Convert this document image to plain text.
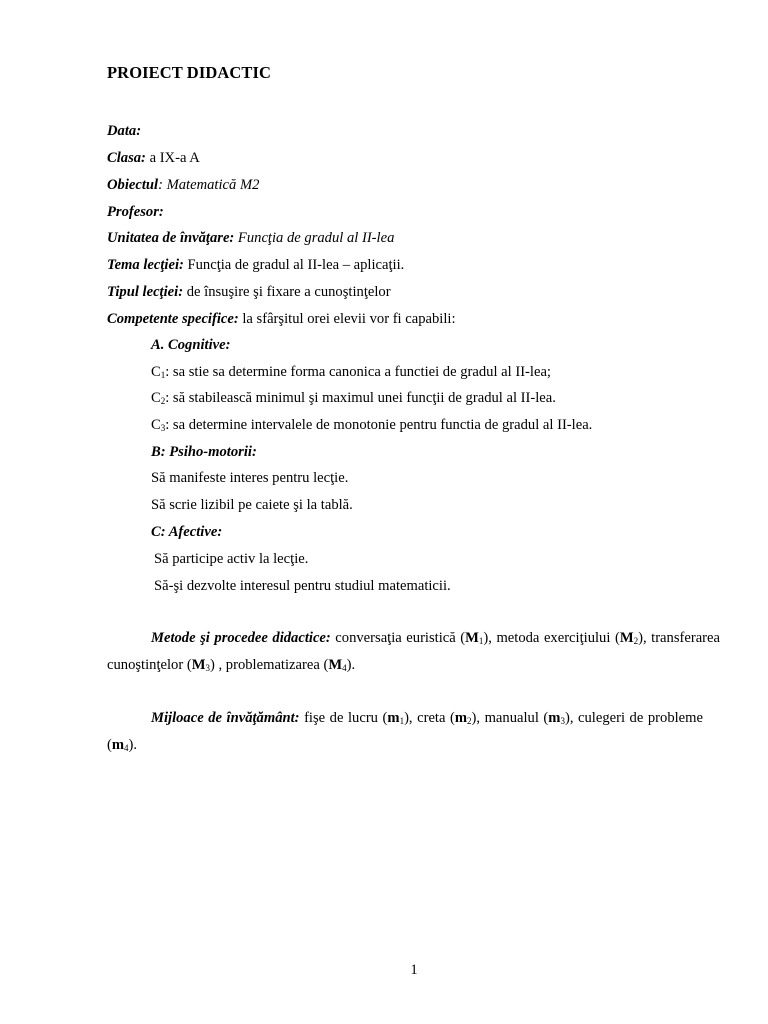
PROIECT DIDACTIC
Data:
Clasa: a IX-a A
Obiectul: Matematică M2
Profesor:
Unitatea de învăţare: Funcţia de gradul al II-lea
Tema lecţiei: Funcţia de gradul al II-lea – aplicaţii.
Tipul lecţiei: de însuşire şi fixare a cunoştinţelor
Competente specifice: la sfârşitul orei elevii vor fi capabili:
A. Cognitive:
$C_1$: sa stie sa determine forma canonica a functiei de gradul al II-lea;
$C_2$: să stabilească minimul şi maximul unei funcţii de gradul al II-lea.
$C_3$: sa determine intervalele de monotonie pentru functia de gradul al II-lea.
B: Psiho-motorii:
Să manifeste interes pentru lecţie.
Să scrie lizibil pe caiete şi la tablă.
C: Afective:
Să participe activ la lecţie.
Să-şi dezvolte interesul pentru studiul matematicii.
Metode şi procedee didactice: conversaţia euristică $(M_1)$, metoda exerciţiului $(M_2)$, transferarea cunoştinţelor $(M_3)$ , problematizarea $(M_4)$.
Mijloace de învăţământ: fişe de lucru $(m_1)$, creta $(m_2)$, manualul $(m_3)$, culegeri de probleme $(m_4)$.
1
